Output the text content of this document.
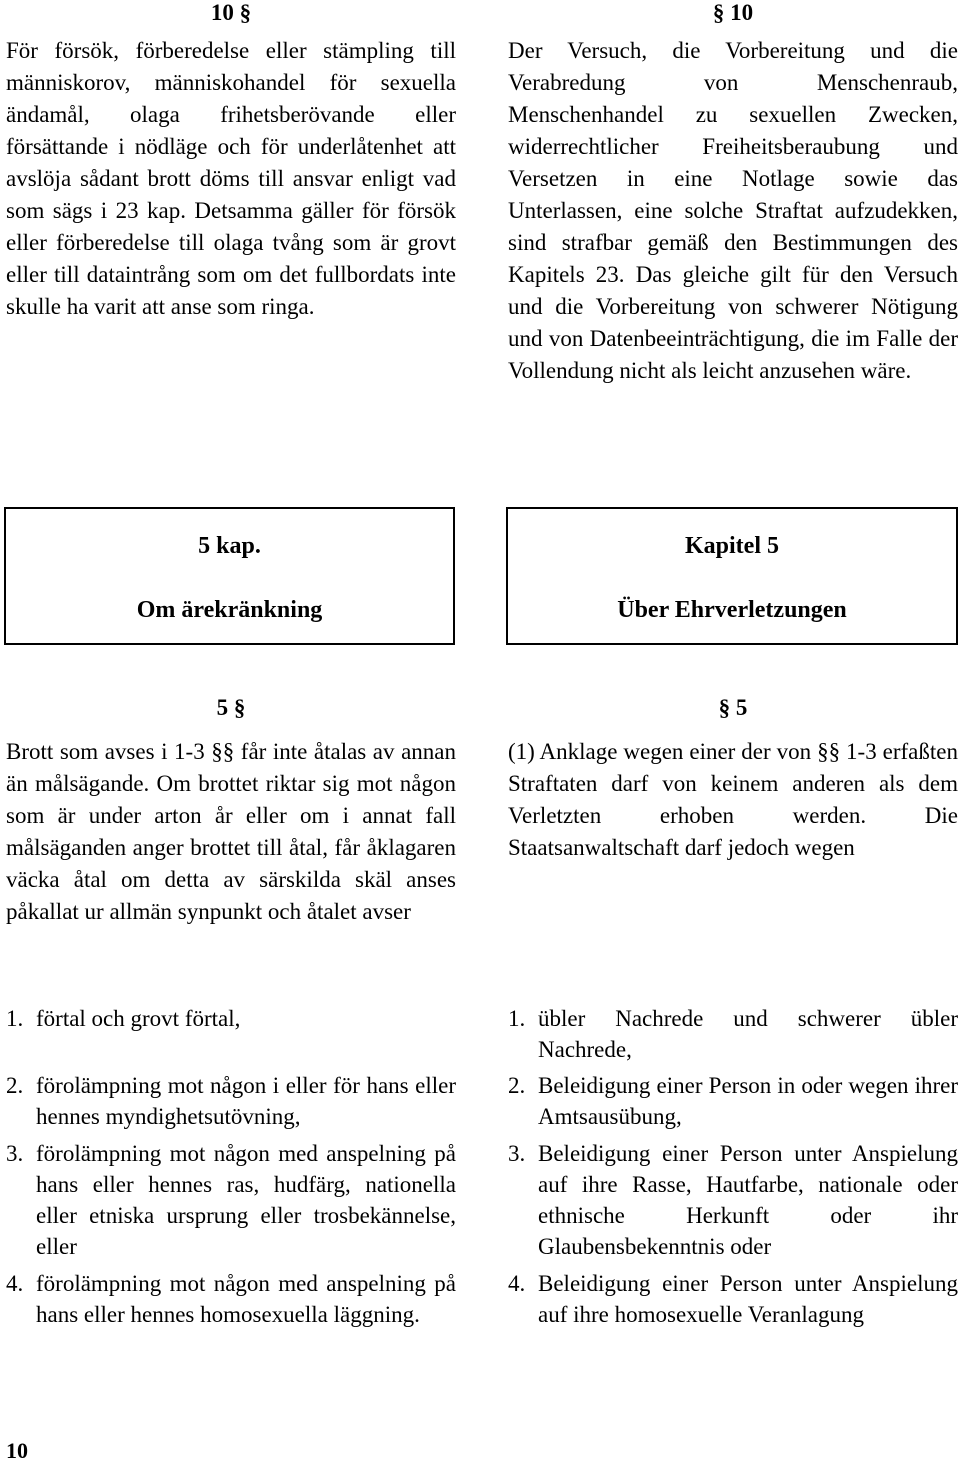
10 §

För försök, förberedelse eller stämpling till människorov, människohandel för sexuella ändamål, olaga frihetsberövande eller försättande i nödläge och för underlåtenhet att avslöja sådant brott döms till ansvar enligt vad som sägs i 23 kap. Detsamma gäller för försök eller förberedelse till olaga tvång som är grovt eller till dataintrång som om det fullbordats inte skulle ha varit att anse som ringa.

§ 10

Der Versuch, die Vorbereitung und die Verabredung von Menschenraub, Menschenhandel zu sexuellen Zwecken, widerrechtlicher Freiheitsberaubung und Versetzen in eine Notlage sowie das Unterlassen, eine solche Straftat aufzudekken, sind strafbar gemäß den Bestimmungen des Kapitels 23. Das gleiche gilt für den Versuch und die Vorbereitung von schwerer Nötigung und von Datenbeeinträchtigung, die im Falle der Vollendung nicht als leicht anzusehen wäre.

5 kap.
Om ärekränkning
Kapitel 5
Über Ehrverletzungen
5 §

Brott som avses i 1-3 §§ får inte åtalas av annan än målsägande. Om brottet riktar sig mot någon som är under arton år eller om i annat fall målsäganden anger brottet till åtal, får åklagaren väcka åtal om detta av särskilda skäl anses påkallat ur allmän synpunkt och åtalet avser

§ 5

(1) Anklage wegen einer der von §§ 1-3 erfaßten Straftaten darf von keinem anderen als dem Verletzten erhoben werden. Die Staatsanwaltschaft darf jedoch wegen

1. förtal och grovt förtal,
2. förolämpning mot någon i eller för hans eller hennes myndighetsutövning,
3. förolämpning mot någon med anspelning på hans eller hennes ras, hudfärg, nationella eller etniska ursprung eller trosbekännelse, eller
4. förolämpning mot någon med anspelning på hans eller hennes homosexuella läggning.
1. übler Nachrede und schwerer übler Nachrede,
2. Beleidigung einer Person in oder wegen ihrer Amtsausübung,
3. Beleidigung einer Person unter Anspielung auf ihre Rasse, Hautfarbe, nationale oder ethnische Herkunft oder ihr Glaubensbekenntnis oder
4. Beleidigung einer Person unter Anspielung auf ihre homosexuelle Veranlagung
10
